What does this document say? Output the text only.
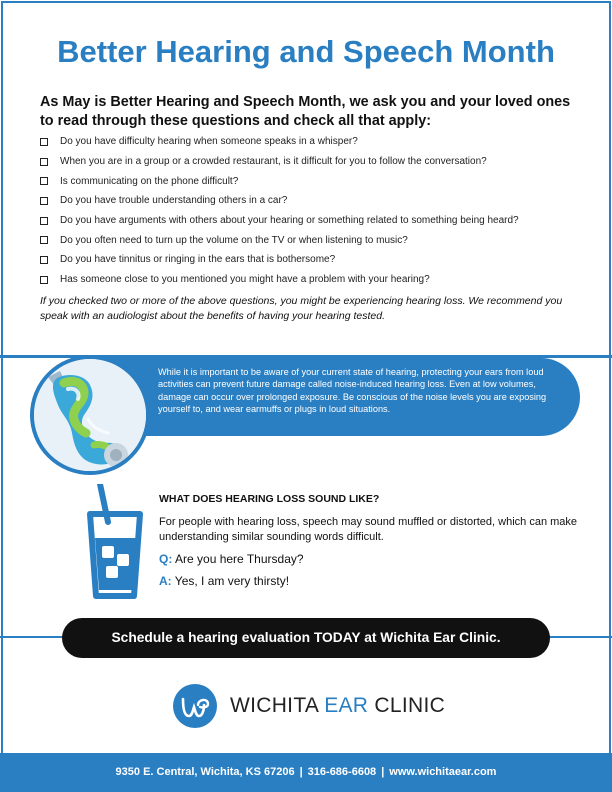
Better Hearing and Speech Month

As May is Better Hearing and Speech Month, we ask you and your loved ones to read through these questions and check all that apply:

Do you have difficulty hearing when someone speaks in a whisper?
When you are in a group or a crowded restaurant, is it difficult for you to follow the conversation?
Is communicating on the phone difficult?
Do you have trouble understanding others in a car?
Do you have arguments with others about your hearing or something related to something being heard?
Do you often need to turn up the volume on the TV or when listening to music?
Do you have tinnitus or ringing in the ears that is bothersome?
Has someone close to you mentioned you might have a problem with your hearing?

If you checked two or more of the above questions, you might be experiencing hearing loss. We recommend you speak with an audiologist about the benefits of having your hearing tested.

While it is important to be aware of your current state of hearing, protecting your ears from loud activities can prevent future damage called noise-induced hearing loss. Even at low volumes, damage can occur over prolonged exposure. Be conscious of the noise levels you are exposing yourself to, and wear earmuffs or plugs in loud situations.

WHAT DOES HEARING LOSS SOUND LIKE?

For people with hearing loss, speech may sound muffled or distorted, which can make understanding similar sounding words difficult.

Q: Are you here Thursday?

A: Yes, I am very thirsty!

Schedule a hearing evaluation TODAY at Wichita Ear Clinic.
WICHITA EAR CLINIC
9350 E. Central, Wichita, KS 67206 | 316-686-6608 | www.wichitaear.com
